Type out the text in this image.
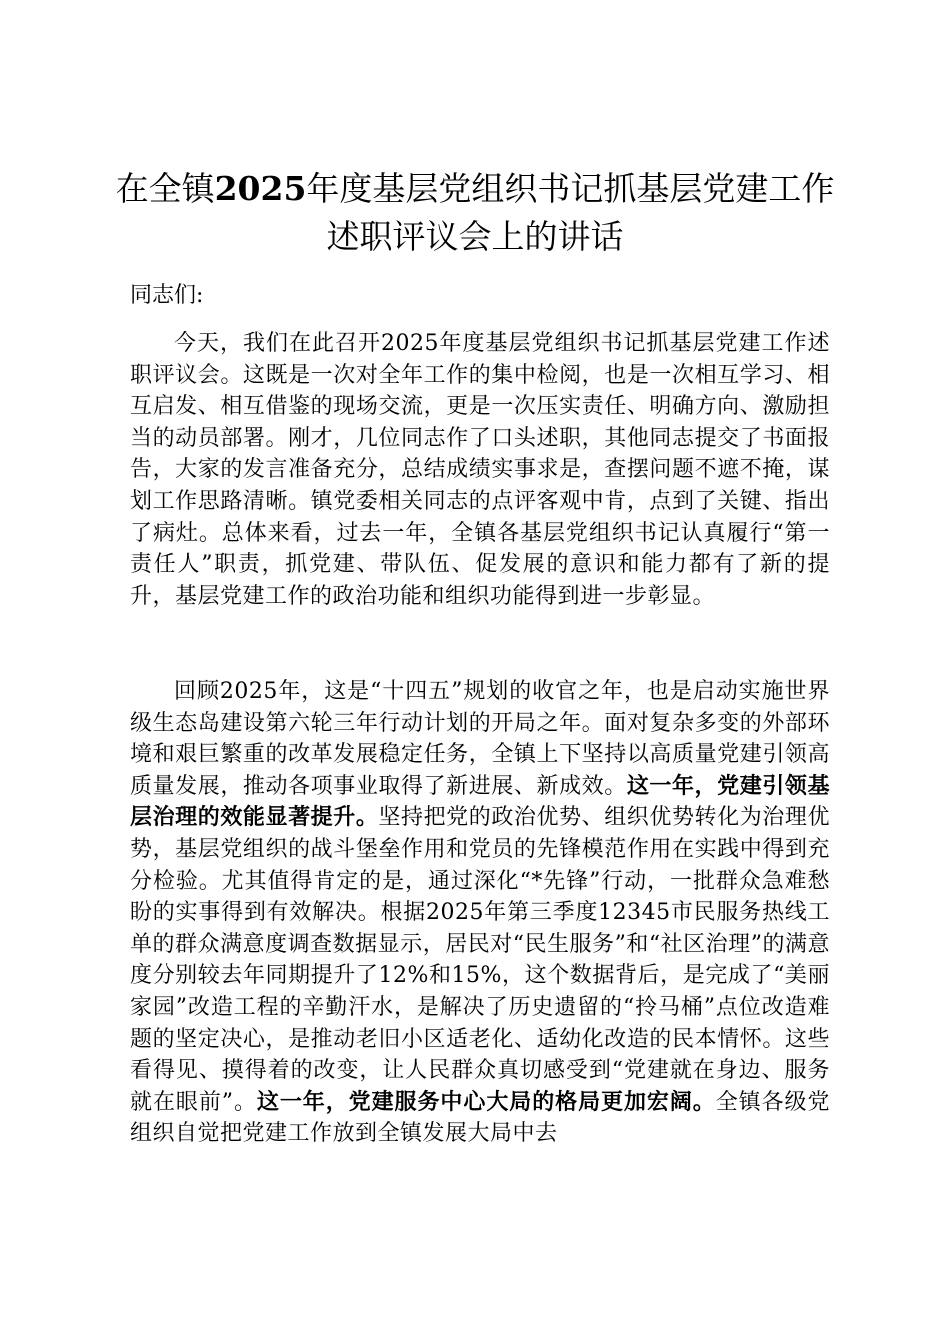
在全镇2025年度基层党组织书记抓基层党建工作述职评议会上的讲话

同志们:

今天，我们在此召开2025年度基层党组织书记抓基层党建工作述职评议会。这既是一次对全年工作的集中检阅，也是一次相互学习、相互启发、相互借鉴的现场交流，更是一次压实责任、明确方向、激励担当的动员部署。刚才，几位同志作了口头述职，其他同志提交了书面报告，大家的发言准备充分，总结成绩实事求是，查摆问题不遮不掩，谋划工作思路清晰。镇党委相关同志的点评客观中肯，点到了关键、指出了病灶。总体来看，过去一年，全镇各基层党组织书记认真履行“第一责任人”职责，抓党建、带队伍、促发展的意识和能力都有了新的提升，基层党建工作的政治功能和组织功能得到进一步彰显。

回顾2025年，这是“十四五”规划的收官之年，也是启动实施世界级生态岛建设第六轮三年行动计划的开局之年。面对复杂多变的外部环境和艰巨繁重的改革发展稳定任务，全镇上下坚持以高质量党建引领高质量发展，推动各项事业取得了新进展、新成效。这一年，党建引领基层治理的效能显著提升。坚持把党的政治优势、组织优势转化为治理优势，基层党组织的战斗堡垒作用和党员的先锋模范作用在实践中得到充分检验。尤其值得肯定的是，通过深化“*先锋”行动，一批群众急难愁盼的实事得到有效解决。根据2025年第三季度12345市民服务热线工单的群众满意度调查数据显示，居民对“民生服务”和“社区治理”的满意度分别较去年同期提升了12%和15%，这个数据背后，是完成了“美丽家园”改造工程的辛勤汗水，是解决了历史遗留的“拎马桶”点位改造难题的坚定决心，是推动老旧小区适老化、适幼化改造的民本情怀。这些看得见、摸得着的改变，让人民群众真切感受到“党建就在身边、服务就在眼前”。这一年，党建服务中心大局的格局更加宏阔。全镇各级党组织自觉把党建工作放到全镇发展大局中去
